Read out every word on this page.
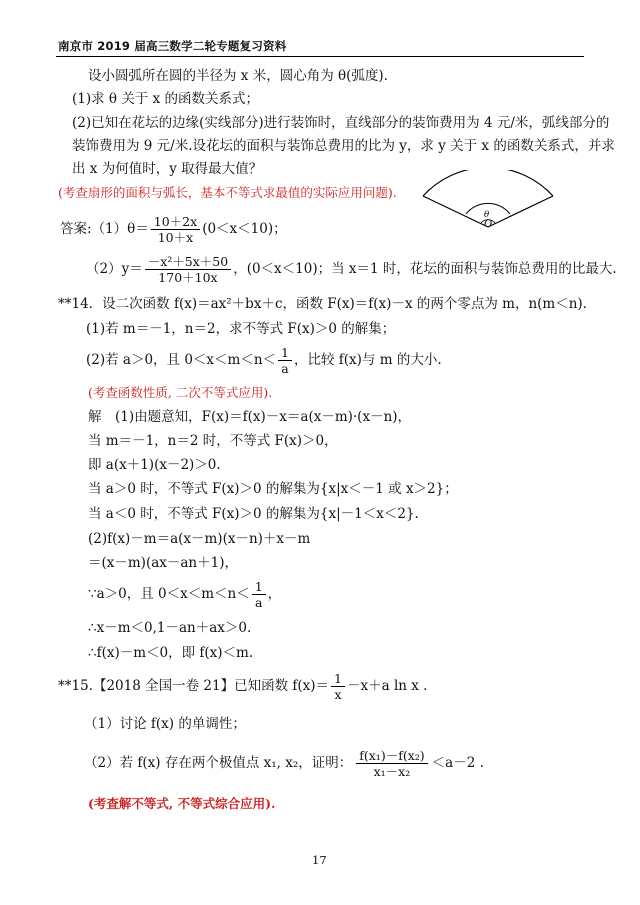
南京市 2019 届高三数学二轮专题复习资料
设小圆弧所在圆的半径为 x 米，圆心角为 θ(弧度).
(1)求 θ 关于 x 的函数关系式；
(2)已知在花坛的边缘(实线部分)进行装饰时，直线部分的装饰费用为 4 元/米，弧线部分的
装饰费用为 9 元/米.设花坛的面积与装饰总费用的比为 y，求 y 关于 x 的函数关系式，并求
出 x 为何值时，y 取得最大值？
(考查扇形的面积与弧长，基本不等式求最值的实际应用问题).
θ
O
答案:（1）θ＝ $\frac{10+2x}{10+x} (0<x<10)$；
$(2)y= \frac{\text{－x²＋5x＋50}}{170+10x}$ ，(0＜x＜10)；当 x＝1 时，花坛的面积与装饰总费用的比最大.
**14．设二次函数 f(x)＝ax²＋bx＋c，函数 F(x)＝f(x)－x 的两个零点为 m，n(m＜n).
(1)若 m＝－1，n＝2，求不等式 F(x)＞0 的解集；
(2)若 a＞0，且 $0<x<m<n< \frac{1}{a}$ ，比较 f(x)与 m 的大小.
(考查函数性质, 二次不等式应用).
解　(1)由题意知，F(x)＝f(x)－x＝a(x－m)·(x－n)，
当 m＝－1，n＝2 时，不等式 F(x)＞0，
即 a(x＋1)(x－2)＞0.
当 a＞0 时，不等式 F(x)＞0 的解集为{x|x＜－1 或 x＞2}；
当 a＜0 时，不等式 F(x)＞0 的解集为{x|－1＜x＜2}.
(2)f(x)－m＝a(x－m)(x－n)＋x－m
＝(x－m)(ax－an＋1)，
∵a＞0，且 $0<x<m<n< \frac{1}{a}$ ，
∴x－m＜0,1－an＋ax＞0.
∴f(x)－m＜0，即 f(x)＜m.
**15.【2018 全国一卷 21】已知函数 $f(x)= \frac{1}{x} -x+a$ ln x .
（1）讨论 f(x) 的单调性；
（2）若 f(x) 存在两个极值点 x₁, x₂，证明： $\frac{\text{f(x₁)－f(x₂)}}{\text{x₁－x₂}} <a-2$ .
(考查解不等式, 不等式综合应用).
17
